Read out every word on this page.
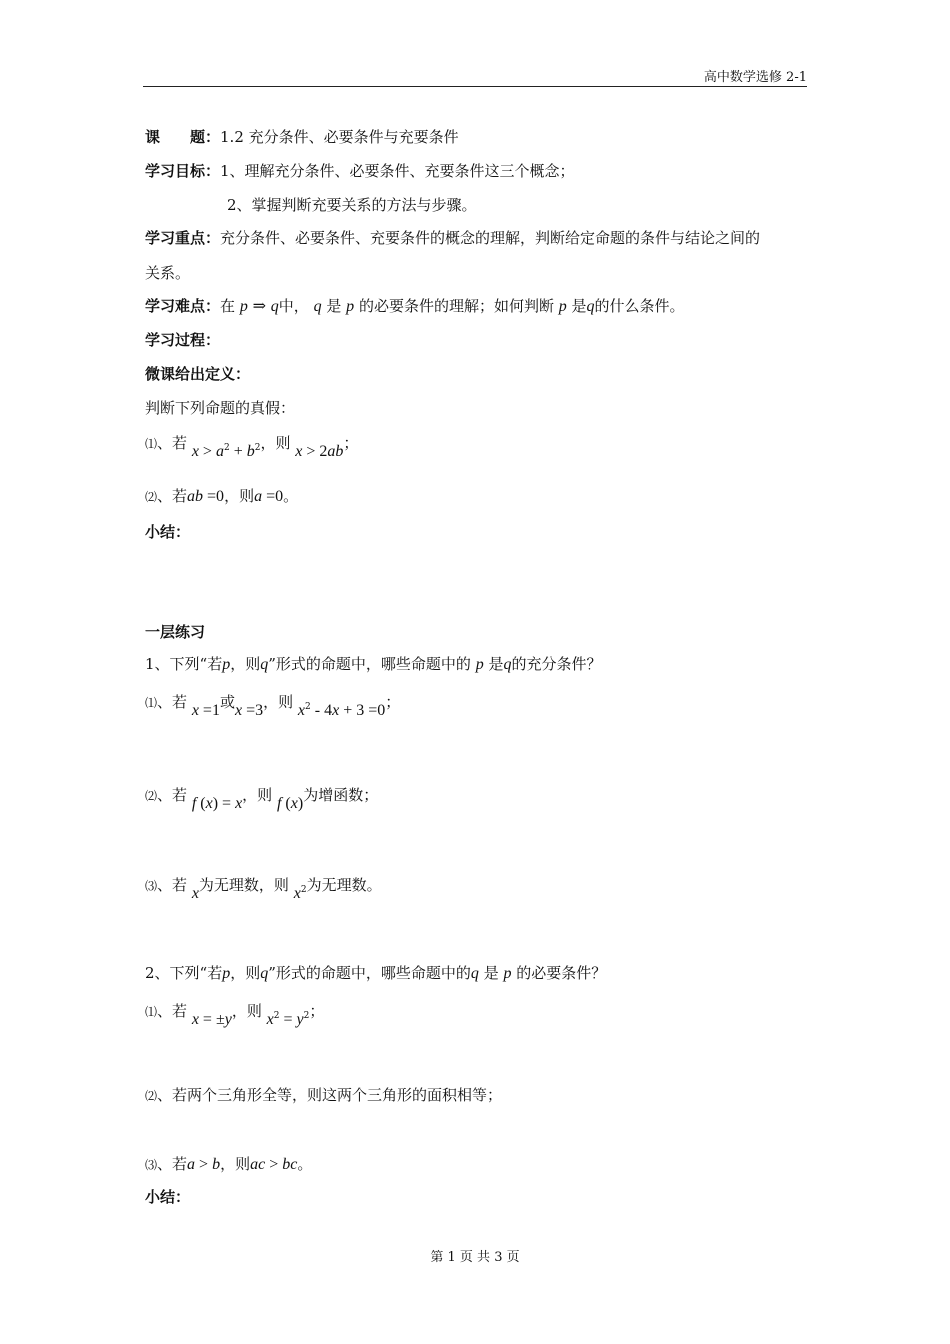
高中数学选修 2-1
课　　题：1.2 充分条件、必要条件与充要条件
学习目标：1、理解充分条件、必要条件、充要条件这三个概念；
2、掌握判断充要关系的方法与步骤。
学习重点：充分条件、必要条件、充要条件的概念的理解，判断给定命题的条件与结论之间的
关系。
学习难点：在 p ⇒ q中， q 是 p 的必要条件的理解；如何判断 p 是q的什么条件。
学习过程：
微课给出定义：
判断下列命题的真假：
⑴、若 $x > a^2 + b^2$，则 x > 2ab；
⑵、若ab =0，则a =0。
小结：
一层练习
1、下列“若p，则q”形式的命题中，哪些命题中的 p 是q的充分条件？
⑴、若 x =1或x =3，则 $x^2 - 4x + 3 =0$；
⑵、若 f (x) = x，则 f (x)为增函数；
⑶、若 x为无理数，则 $x^2$为无理数。
2、下列“若p，则q”形式的命题中，哪些命题中的q 是 p 的必要条件？
⑴、若 x = ±y，则 $x^2 = y^2$；
⑵、若两个三角形全等，则这两个三角形的面积相等；
⑶、若a > b，则ac > bc。
小结：
第 1 页 共 3 页
